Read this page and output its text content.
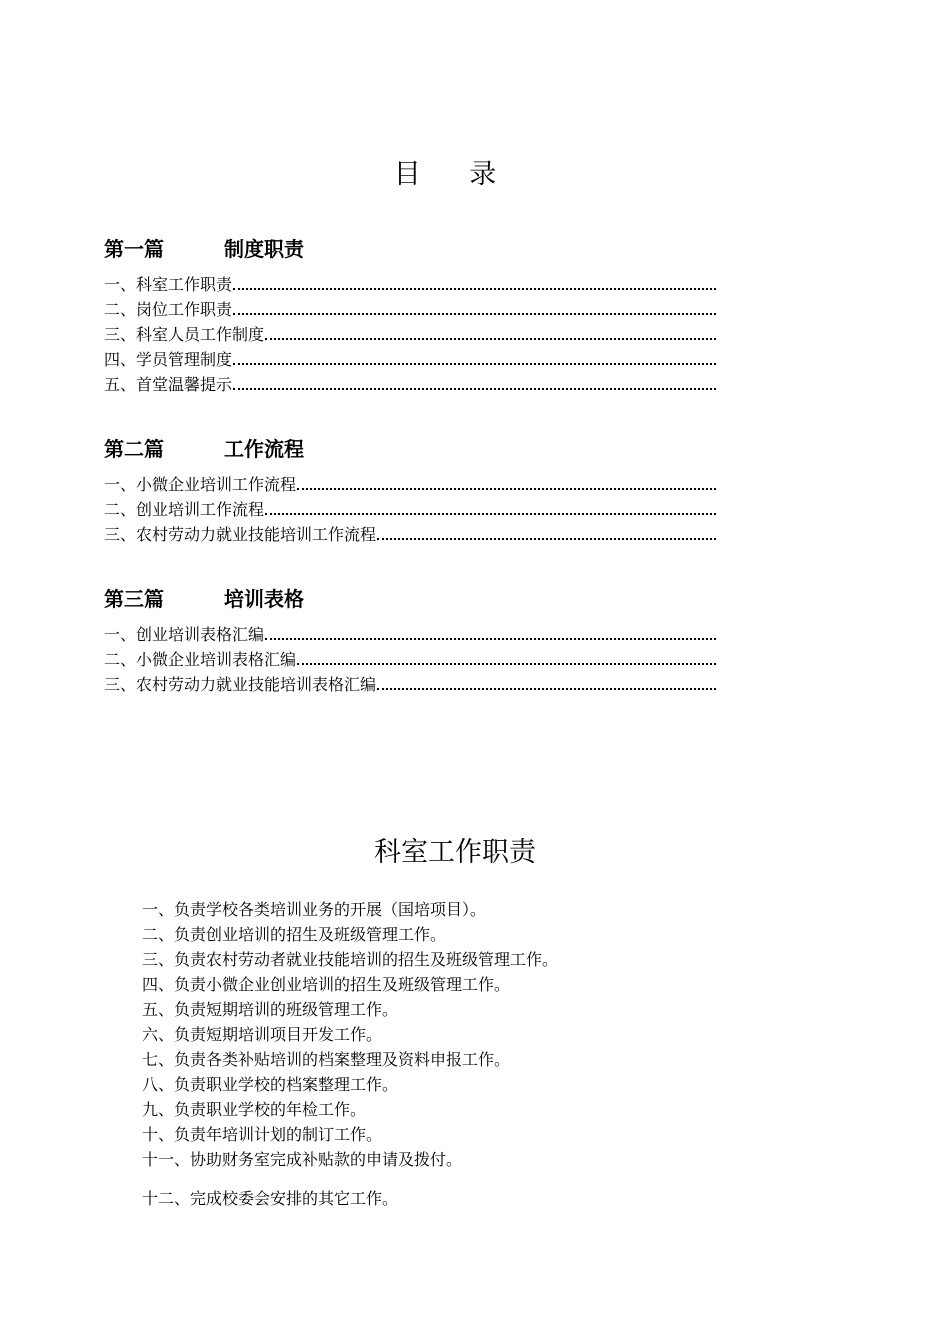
目 录
第一篇	制度职责
一、科室工作职责
二、岗位工作职责
三、科室人员工作制度
四、学员管理制度
五、首堂温馨提示
第二篇	工作流程
一、小微企业培训工作流程
二、创业培训工作流程
三、农村劳动力就业技能培训工作流程
第三篇	培训表格
一、创业培训表格汇编
二、小微企业培训表格汇编
三、农村劳动力就业技能培训表格汇编
科室工作职责
一、负责学校各类培训业务的开展（国培项目）。
二、负责创业培训的招生及班级管理工作。
三、负责农村劳动者就业技能培训的招生及班级管理工作。
四、负责小微企业创业培训的招生及班级管理工作。
五、负责短期培训的班级管理工作。
六、负责短期培训项目开发工作。
七、负责各类补贴培训的档案整理及资料申报工作。
八、负责职业学校的档案整理工作。
九、负责职业学校的年检工作。
十、负责年培训计划的制订工作。
十一、协助财务室完成补贴款的申请及拨付。
十二、完成校委会安排的其它工作。
